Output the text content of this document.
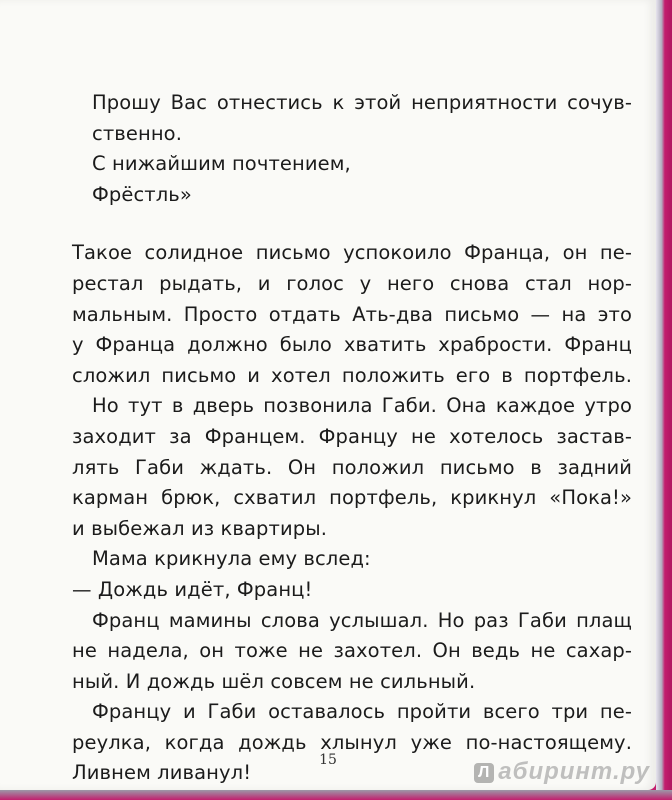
Прошу Вас отнестись к этой неприятности сочув-
ственно.
С нижайшим почтением,
Фрёстль»
Такое солидное письмо успокоило Франца, он пе-
рестал рыдать, и голос у него снова стал нор-
мальным. Просто отдать Ать-два письмо — на это
у Франца должно было хватить храбрости. Франц
сложил письмо и хотел положить его в портфель.
Но тут в дверь позвонила Габи. Она каждое утро
заходит за Францем. Францу не хотелось застав-
лять Габи ждать. Он положил письмо в задний
карман брюк, схватил портфель, крикнул «Пока!»
и выбежал из квартиры.
Мама крикнула ему вслед:
— Дождь идёт, Франц!
Франц мамины слова услышал. Но раз Габи плащ
не надела, он тоже не захотел. Он ведь не сахар-
ный. И дождь шёл совсем не сильный.
Францу и Габи оставалось пройти всего три пе-
реулка, когда дождь хлынул уже по-настоящему.
Ливнем ливанул!
15
Л абиринт.ру
